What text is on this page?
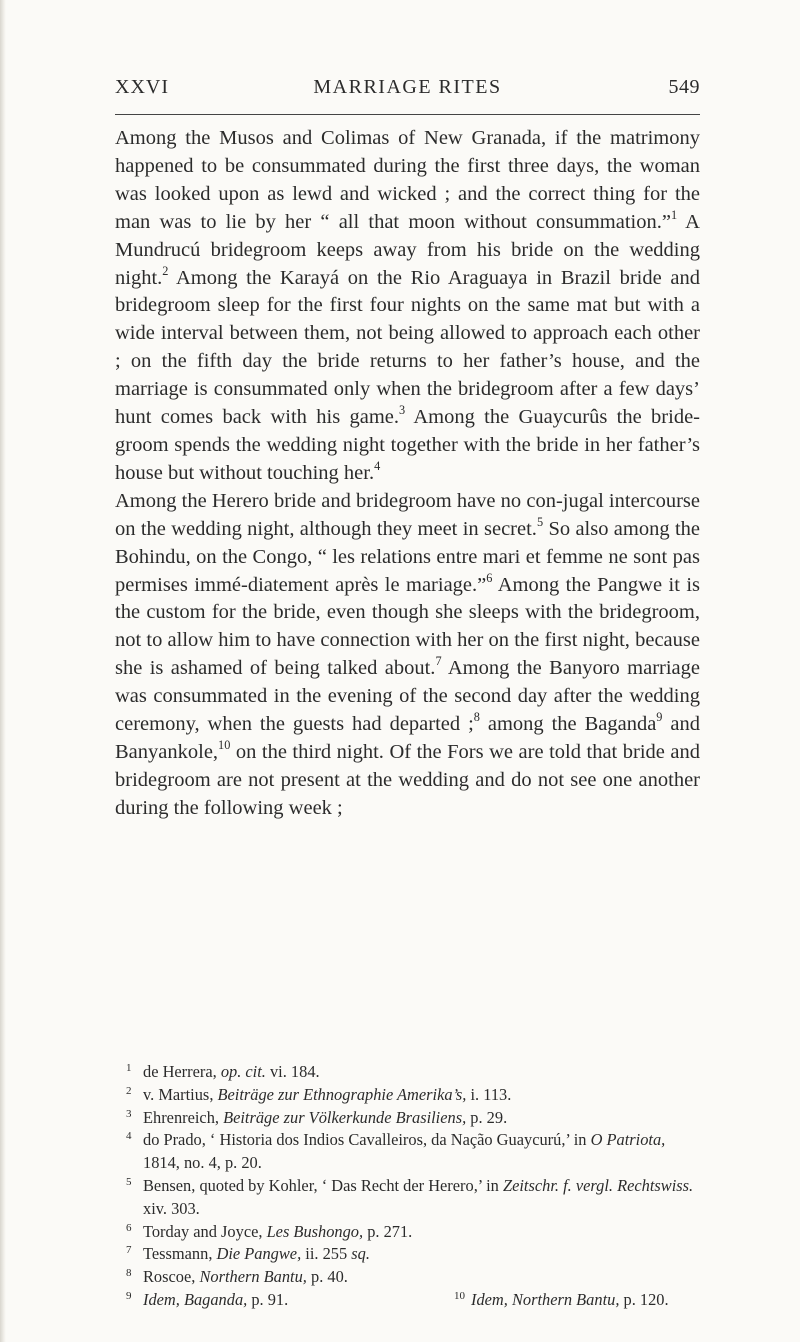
XXVI	MARRIAGE RITES	549

Among the Musos and Colimas of New Granada, if the matrimony happened to be consummated during the first three days, the woman was looked upon as lewd and wicked ; and the correct thing for the man was to lie by her “ all that moon without consummation.”$^1$ A Mundrucú bridegroom keeps away from his bride on the wedding night.$^2$ Among the Karayá on the Rio Araguaya in Brazil bride and bridegroom sleep for the first four nights on the same mat but with a wide interval between them, not being allowed to approach each other ; on the fifth day the bride returns to her father’s house, and the marriage is consummated only when the bridegroom after a few days’ hunt comes back with his game.$^3$ Among the Guaycurûs the bride-groom spends the wedding night together with the bride in her father’s house but without touching her.$^4$

Among the Herero bride and bridegroom have no con-jugal intercourse on the wedding night, although they meet in secret.$^5$ So also among the Bohindu, on the Congo, “ les relations entre mari et femme ne sont pas permises immé-diatement après le mariage.”$^6$ Among the Pangwe it is the custom for the bride, even though she sleeps with the bridegroom, not to allow him to have connection with her on the first night, because she is ashamed of being talked about.$^7$ Among the Banyoro marriage was consummated in the evening of the second day after the wedding ceremony, when the guests had departed ;$^8$ among the Baganda$^9$ and Banyankole,$^{10}$ on the third night. Of the Fors we are told that bride and bridegroom are not present at the wedding and do not see one another during the following week ;

1 de Herrera, op. cit. vi. 184.
2 v. Martius, Beiträge zur Ethnographie Amerika’s, i. 113.
3 Ehrenreich, Beiträge zur Völkerkunde Brasiliens, p. 29.
4 do Prado, ‘ Historia dos Indios Cavalleiros, da Nação Guaycurú,’ in O Patriota, 1814, no. 4, p. 20.
5 Bensen, quoted by Kohler, ‘ Das Recht der Herero,’ in Zeitschr. f. vergl. Rechtswiss. xiv. 303.
6 Torday and Joyce, Les Bushongo, p. 271.
7 Tessmann, Die Pangwe, ii. 255 sq.
8 Roscoe, Northern Bantu, p. 40.
9 Idem, Baganda, p. 91.	10 Idem, Northern Bantu, p. 120.
